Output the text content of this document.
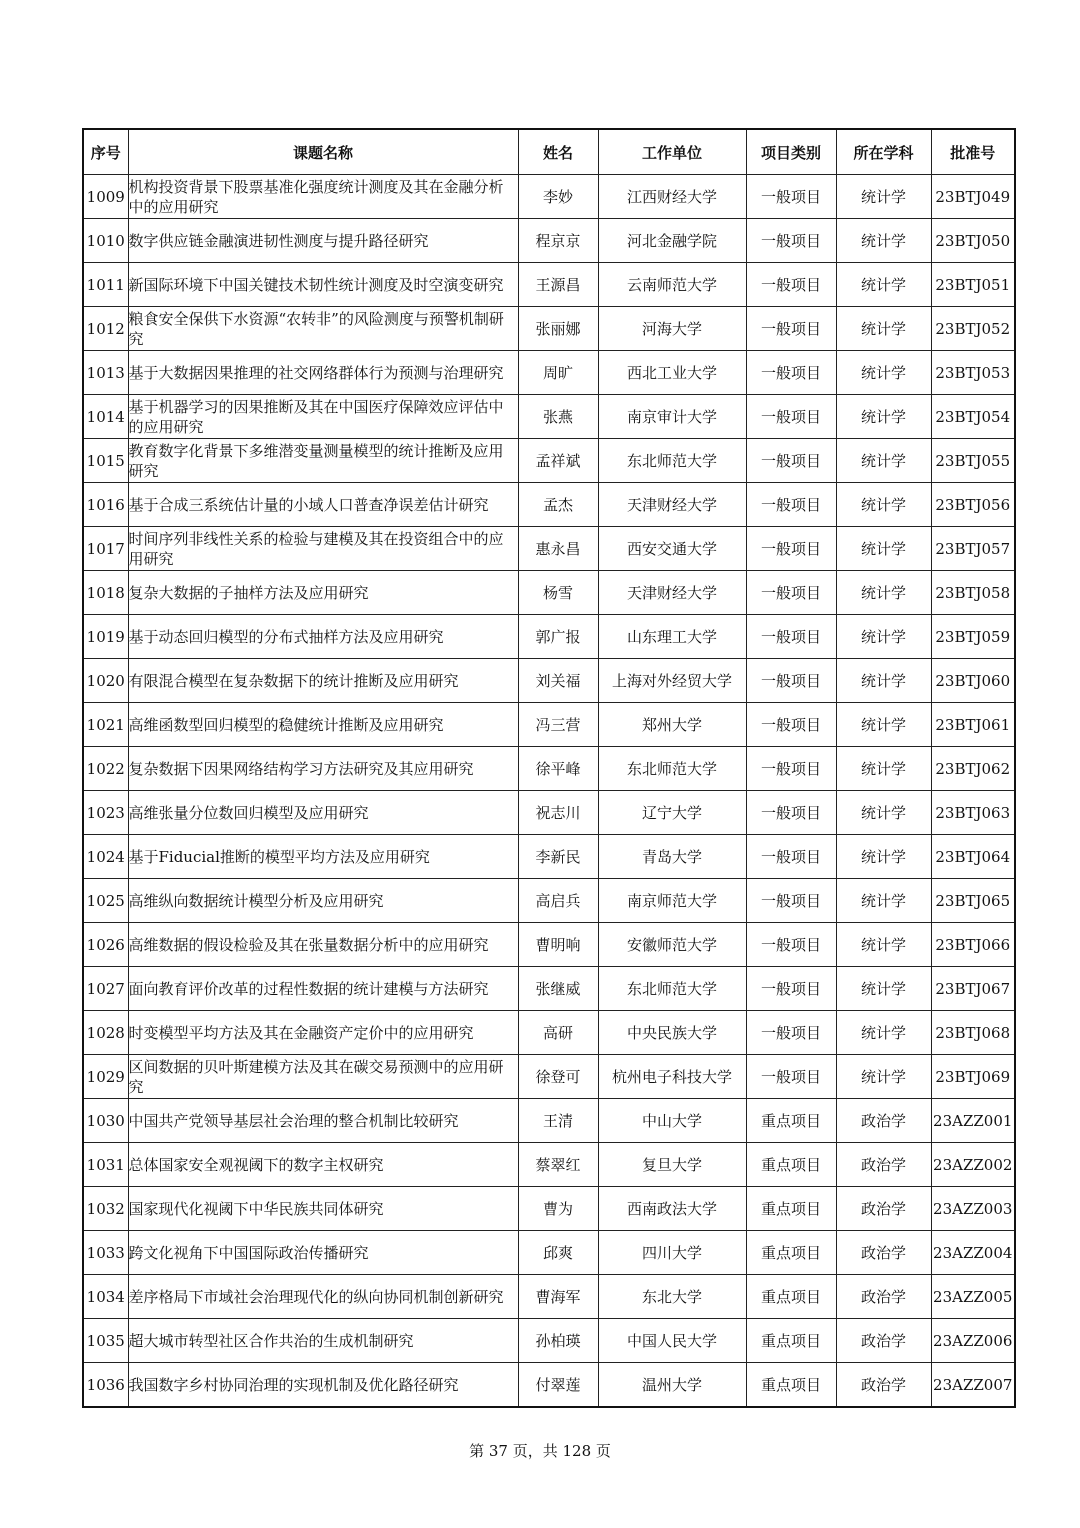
序号	课题名称	姓名	工作单位	项目类别	所在学科	批准号
1009	机构投资背景下股票基准化强度统计测度及其在金融分析中的应用研究	李妙	江西财经大学	一般项目	统计学	23BTJ049
1010	数字供应链金融演进韧性测度与提升路径研究	程京京	河北金融学院	一般项目	统计学	23BTJ050
1011	新国际环境下中国关键技术韧性统计测度及时空演变研究	王源昌	云南师范大学	一般项目	统计学	23BTJ051
1012	粮食安全保供下水资源“农转非”的风险测度与预警机制研究	张丽娜	河海大学	一般项目	统计学	23BTJ052
1013	基于大数据因果推理的社交网络群体行为预测与治理研究	周旷	西北工业大学	一般项目	统计学	23BTJ053
1014	基于机器学习的因果推断及其在中国医疗保障效应评估中的应用研究	张燕	南京审计大学	一般项目	统计学	23BTJ054
1015	教育数字化背景下多维潜变量测量模型的统计推断及应用研究	孟祥斌	东北师范大学	一般项目	统计学	23BTJ055
1016	基于合成三系统估计量的小域人口普查净误差估计研究	孟杰	天津财经大学	一般项目	统计学	23BTJ056
1017	时间序列非线性关系的检验与建模及其在投资组合中的应用研究	惠永昌	西安交通大学	一般项目	统计学	23BTJ057
1018	复杂大数据的子抽样方法及应用研究	杨雪	天津财经大学	一般项目	统计学	23BTJ058
1019	基于动态回归模型的分布式抽样方法及应用研究	郭广报	山东理工大学	一般项目	统计学	23BTJ059
1020	有限混合模型在复杂数据下的统计推断及应用研究	刘关福	上海对外经贸大学	一般项目	统计学	23BTJ060
1021	高维函数型回归模型的稳健统计推断及应用研究	冯三营	郑州大学	一般项目	统计学	23BTJ061
1022	复杂数据下因果网络结构学习方法研究及其应用研究	徐平峰	东北师范大学	一般项目	统计学	23BTJ062
1023	高维张量分位数回归模型及应用研究	祝志川	辽宁大学	一般项目	统计学	23BTJ063
1024	基于Fiducial推断的模型平均方法及应用研究	李新民	青岛大学	一般项目	统计学	23BTJ064
1025	高维纵向数据统计模型分析及应用研究	高启兵	南京师范大学	一般项目	统计学	23BTJ065
1026	高维数据的假设检验及其在张量数据分析中的应用研究	曹明响	安徽师范大学	一般项目	统计学	23BTJ066
1027	面向教育评价改革的过程性数据的统计建模与方法研究	张继威	东北师范大学	一般项目	统计学	23BTJ067
1028	时变模型平均方法及其在金融资产定价中的应用研究	高研	中央民族大学	一般项目	统计学	23BTJ068
1029	区间数据的贝叶斯建模方法及其在碳交易预测中的应用研究	徐登可	杭州电子科技大学	一般项目	统计学	23BTJ069
1030	中国共产党领导基层社会治理的整合机制比较研究	王清	中山大学	重点项目	政治学	23AZZ001
1031	总体国家安全观视阈下的数字主权研究	蔡翠红	复旦大学	重点项目	政治学	23AZZ002
1032	国家现代化视阈下中华民族共同体研究	曹为	西南政法大学	重点项目	政治学	23AZZ003
1033	跨文化视角下中国国际政治传播研究	邱爽	四川大学	重点项目	政治学	23AZZ004
1034	差序格局下市域社会治理现代化的纵向协同机制创新研究	曹海军	东北大学	重点项目	政治学	23AZZ005
1035	超大城市转型社区合作共治的生成机制研究	孙柏瑛	中国人民大学	重点项目	政治学	23AZZ006
1036	我国数字乡村协同治理的实现机制及优化路径研究	付翠莲	温州大学	重点项目	政治学	23AZZ007
第 37 页，共 128 页
